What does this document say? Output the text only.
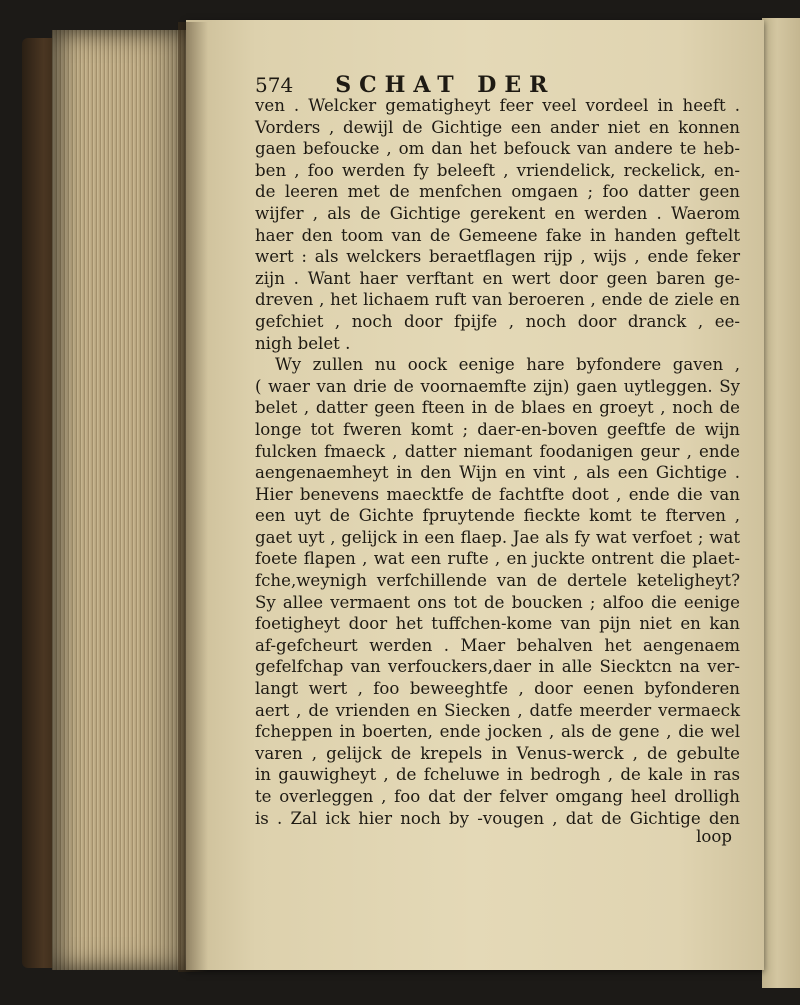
574 SCHAT DER
ven . Welcker gematigheyt feer veel vordeel in heeft .
Vorders , dewijl de Gichtige een ander niet en konnen
gaen befoucke , om dan het befouck van andere te heb-
ben , foo werden fy beleeft , vriendelick, reckelick, en-
de leeren met de menfchen omgaen ; foo datter geen
wijfer , als de Gichtige gerekent en werden . Waerom
haer den toom van de Gemeene fake in handen geftelt
wert : als welckers beraetflagen rijp , wijs , ende feker
zijn . Want haer verftant en wert door geen baren ge-
dreven , het lichaem ruft van beroeren , ende de ziele en
gefchiet , noch door fpijfe , noch door dranck , ee-
nigh belet .
Wy zullen nu oock eenige hare byfondere gaven ,
( waer van drie de voornaemfte zijn) gaen uytleggen. Sy
belet , datter geen fteen in de blaes en groeyt , noch de
longe tot fweren komt ; daer-en-boven geeftfe de wijn
fulcken fmaeck , datter niemant foodanigen geur , ende
aengenaemheyt in den Wijn en vint , als een Gichtige .
Hier benevens maecktfe de fachtfte doot , ende die van
een uyt de Gichte fpruytende fieckte komt te fterven ,
gaet uyt , gelijck in een flaep. Jae als fy wat verfoet ; wat
foete flapen , wat een rufte , en juckte ontrent die plaet-
fche,weynigh verfchillende van de dertele keteligheyt?
Sy allee vermaent ons tot de boucken ; alfoo die eenige
foetigheyt door het tuffchen-kome van pijn niet en kan
af-gefcheurt werden . Maer behalven het aengenaem
gefelfchap van verfouckers,daer in alle Siecktcn na ver-
langt wert , foo beweeghtfe , door eenen byfonderen
aert , de vrienden en Siecken , datfe meerder vermaeck
fcheppen in boerten, ende jocken , als de gene , die wel
varen , gelijck de krepels in Venus-werck , de gebulte
in gauwigheyt , de fcheluwe in bedrogh , de kale in ras
te overleggen , foo dat der felver omgang heel drolligh
is . Zal ick hier noch by -vougen , dat de Gichtige den
loop
